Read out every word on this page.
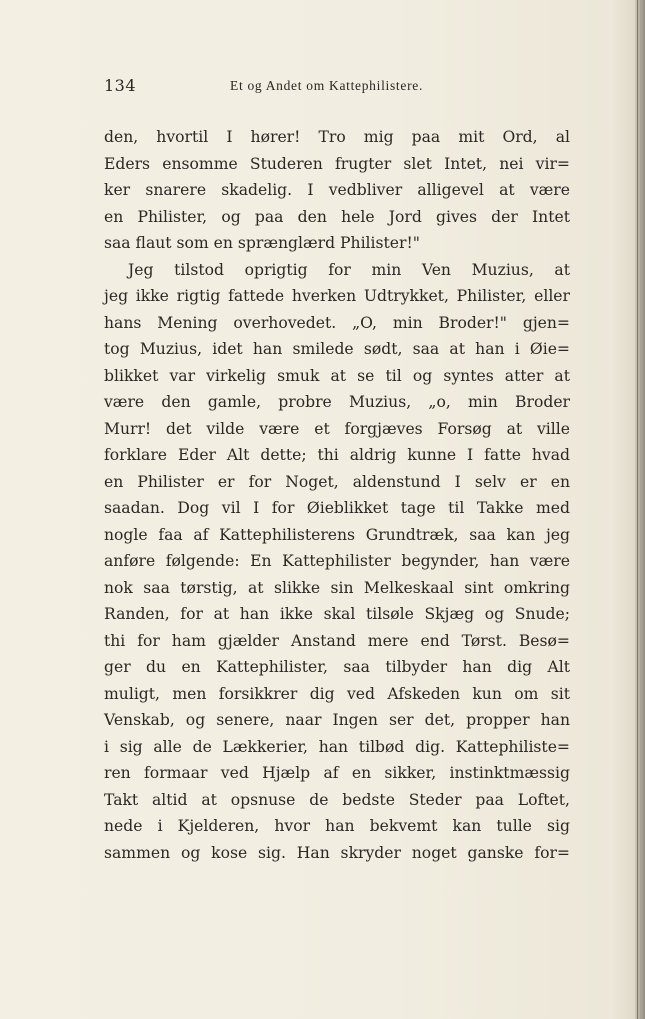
134	Et og Andet om Kattephilistere.
den, hvortil I hører! Tro mig paa mit Ord, al
Eders ensomme Studeren frugter slet Intet, nei vir=
ker snarere skadelig. I vedbliver alligevel at være
en Philister, og paa den hele Jord gives der Intet
saa flaut som en sprænglærd Philister!"
Jeg tilstod oprigtig for min Ven Muzius, at
jeg ikke rigtig fattede hverken Udtrykket, Philister, eller
hans Mening overhovedet. „O, min Broder!" gjen=
tog Muzius, idet han smilede sødt, saa at han i Øie=
blikket var virkelig smuk at se til og syntes atter at
være den gamle, probre Muzius, „o, min Broder
Murr! det vilde være et forgjæves Forsøg at ville
forklare Eder Alt dette; thi aldrig kunne I fatte hvad
en Philister er for Noget, aldenstund I selv er en
saadan. Dog vil I for Øieblikket tage til Takke med
nogle faa af Kattephilisterens Grundtræk, saa kan jeg
anføre følgende: En Kattephilister begynder, han være
nok saa tørstig, at slikke sin Melkeskaal sint omkring
Randen, for at han ikke skal tilsøle Skjæg og Snude;
thi for ham gjælder Anstand mere end Tørst. Besø=
ger du en Kattephilister, saa tilbyder han dig Alt
muligt, men forsikkrer dig ved Afskeden kun om sit
Venskab, og senere, naar Ingen ser det, propper han
i sig alle de Lækkerier, han tilbød dig. Kattephiliste=
ren formaar ved Hjælp af en sikker, instinktmæssig
Takt altid at opsnuse de bedste Steder paa Loftet,
nede i Kjelderen, hvor han bekvemt kan tulle sig
sammen og kose sig. Han skryder noget ganske for=
